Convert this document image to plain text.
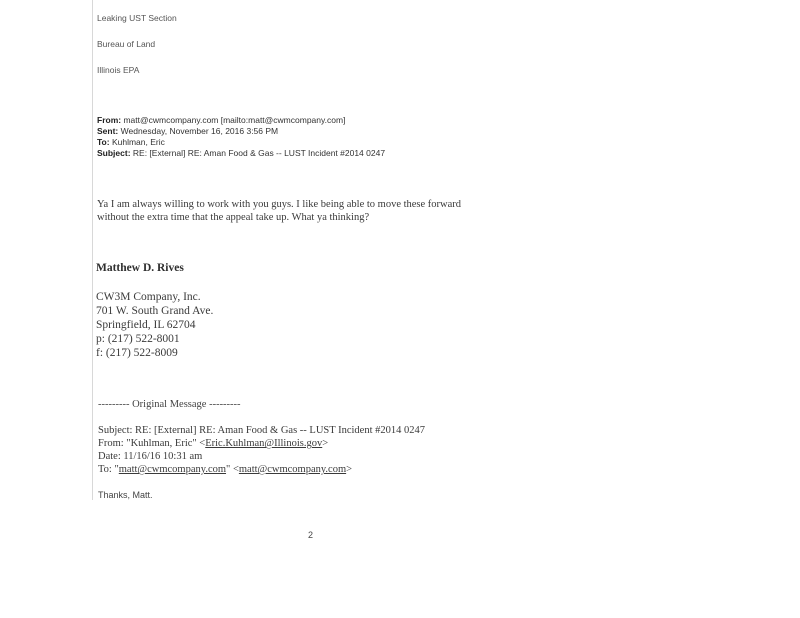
Leaking UST Section
Bureau of Land
Illinois EPA
From: matt@cwmcompany.com [mailto:matt@cwmcompany.com]
Sent: Wednesday, November 16, 2016 3:56 PM
To: Kuhlman, Eric
Subject: RE: [External] RE: Aman Food & Gas -- LUST Incident #2014 0247
Ya I am always willing to work with you guys. I like being able to move these forward
without the extra time that the appeal take up. What ya thinking?
Matthew D. Rives
CW3M Company, Inc.
701 W. South Grand Ave.
Springfield, IL 62704
p: (217) 522-8001
f: (217) 522-8009
--------- Original Message ---------
Subject: RE: [External] RE: Aman Food & Gas -- LUST Incident #2014 0247
From: "Kuhlman, Eric" <Eric.Kuhlman@Illinois.gov>
Date: 11/16/16 10:31 am
To: "matt@cwmcompany.com" <matt@cwmcompany.com>
Thanks, Matt.
2
